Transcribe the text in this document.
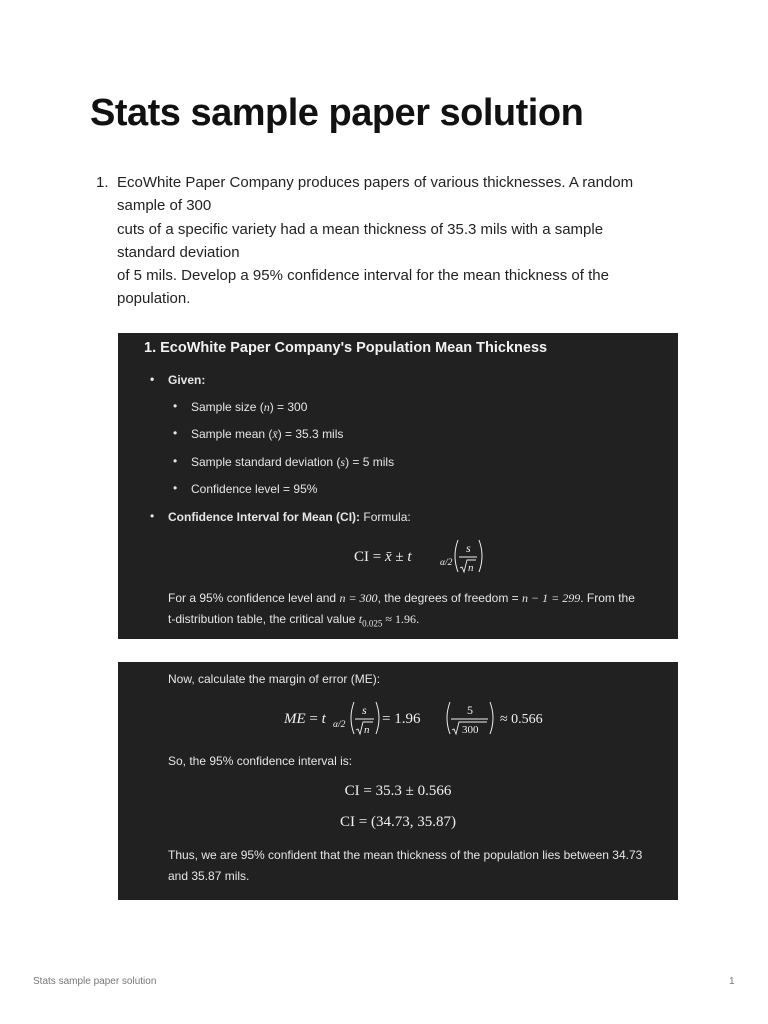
Stats sample paper solution
1. EcoWhite Paper Company produces papers of various thicknesses. A random
sample of 300
cuts of a specific variety had a mean thickness of 35.3 mils with a sample
standard deviation
of 5 mils. Develop a 95% confidence interval for the mean thickness of the
population.
1. EcoWhite Paper Company's Population Mean Thickness
• Given:
• Sample size (n) = 300
• Sample mean (x̄) = 35.3 mils
• Sample standard deviation (s) = 5 mils
• Confidence level = 95%
• Confidence Interval for Mean (CI): Formula:
CI = x̄ ± t	α/2
s
n
For a 95% confidence level and n = 300, the degrees of freedom = n − 1 = 299. From the
t-distribution table, the critical value $t_{0.025} \approx 1.96$.
Now, calculate the margin of error (ME):
ME = t α/2
s
n
= 1.96
5
300
≈ 0.566
So, the 95% confidence interval is:
CI = 35.3 ± 0.566
CI = (34.73, 35.87)
Thus, we are 95% confident that the mean thickness of the population lies between 34.73
and 35.87 mils.
Stats sample paper solution	1
